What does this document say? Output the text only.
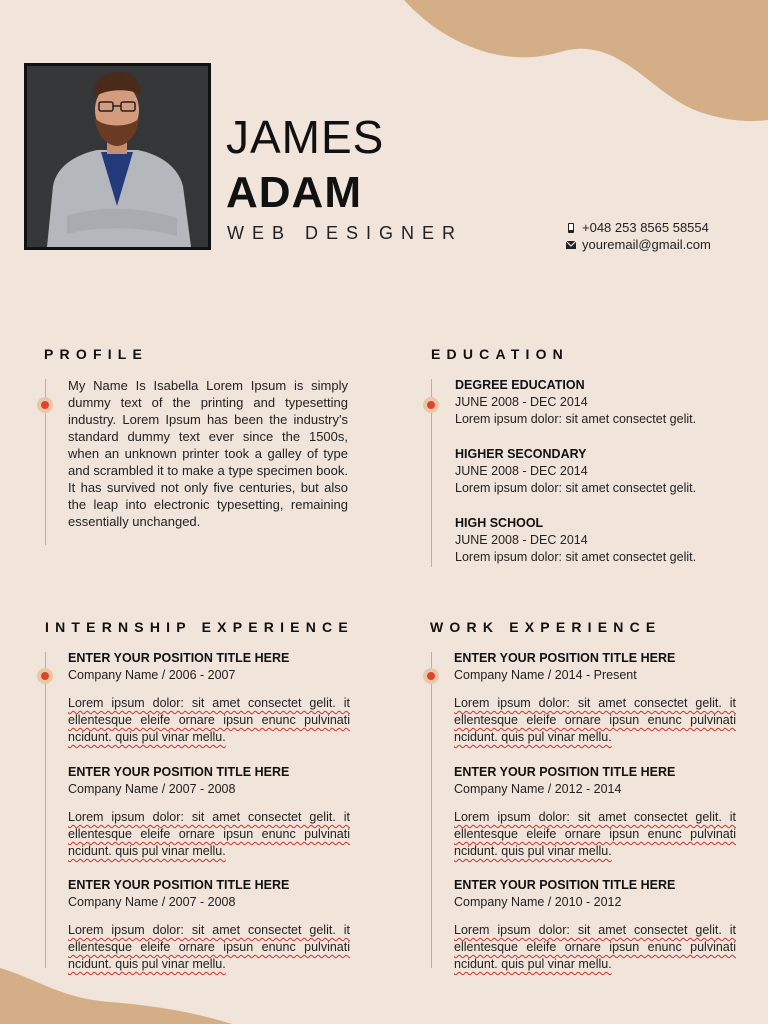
JAMES
ADAM
WEB DESIGNER	+048 253 8565 58554
youremail@gmail.com
PROFILE
My Name Is Isabella Lorem Ipsum is simply dummy text of the printing and typesetting industry. Lorem Ipsum has been the industry's standard dummy text ever since the 1500s, when an unknown printer took a galley of type and scrambled it to make a type specimen book. It has survived not only five centuries, but also the leap into electronic typesetting, remaining essentially unchanged.
EDUCATION
DEGREE EDUCATION
JUNE 2008 - DEC 2014
Lorem ipsum dolor: sit amet consectet gelit.
HIGHER SECONDARY
JUNE 2008 - DEC 2014
Lorem ipsum dolor: sit amet consectet gelit.
HIGH SCHOOL
JUNE 2008 - DEC 2014
Lorem ipsum dolor: sit amet consectet gelit.
INTERNSHIP EXPERIENCE
ENTER YOUR POSITION TITLE HERE
Company Name / 2006 - 2007
Lorem ipsum dolor: sit amet consectet gelit. it ellentesque eleife ornare ipsun enunc pulvinati ncidunt. quis pul vinar mellu.
ENTER YOUR POSITION TITLE HERE
Company Name / 2007 - 2008
Lorem ipsum dolor: sit amet consectet gelit. it ellentesque eleife ornare ipsun enunc pulvinati ncidunt. quis pul vinar mellu.
ENTER YOUR POSITION TITLE HERE
Company Name / 2007 - 2008
Lorem ipsum dolor: sit amet consectet gelit. it ellentesque eleife ornare ipsun enunc pulvinati ncidunt. quis pul vinar mellu.
WORK EXPERIENCE
ENTER YOUR POSITION TITLE HERE
Company Name / 2014 - Present
Lorem ipsum dolor: sit amet consectet gelit. it ellentesque eleife ornare ipsun enunc pulvinati ncidunt. quis pul vinar mellu.
ENTER YOUR POSITION TITLE HERE
Company Name / 2012 - 2014
Lorem ipsum dolor: sit amet consectet gelit. it ellentesque eleife ornare ipsun enunc pulvinati ncidunt. quis pul vinar mellu.
ENTER YOUR POSITION TITLE HERE
Company Name / 2010 - 2012
Lorem ipsum dolor: sit amet consectet gelit. it ellentesque eleife ornare ipsun enunc pulvinati ncidunt. quis pul vinar mellu.
